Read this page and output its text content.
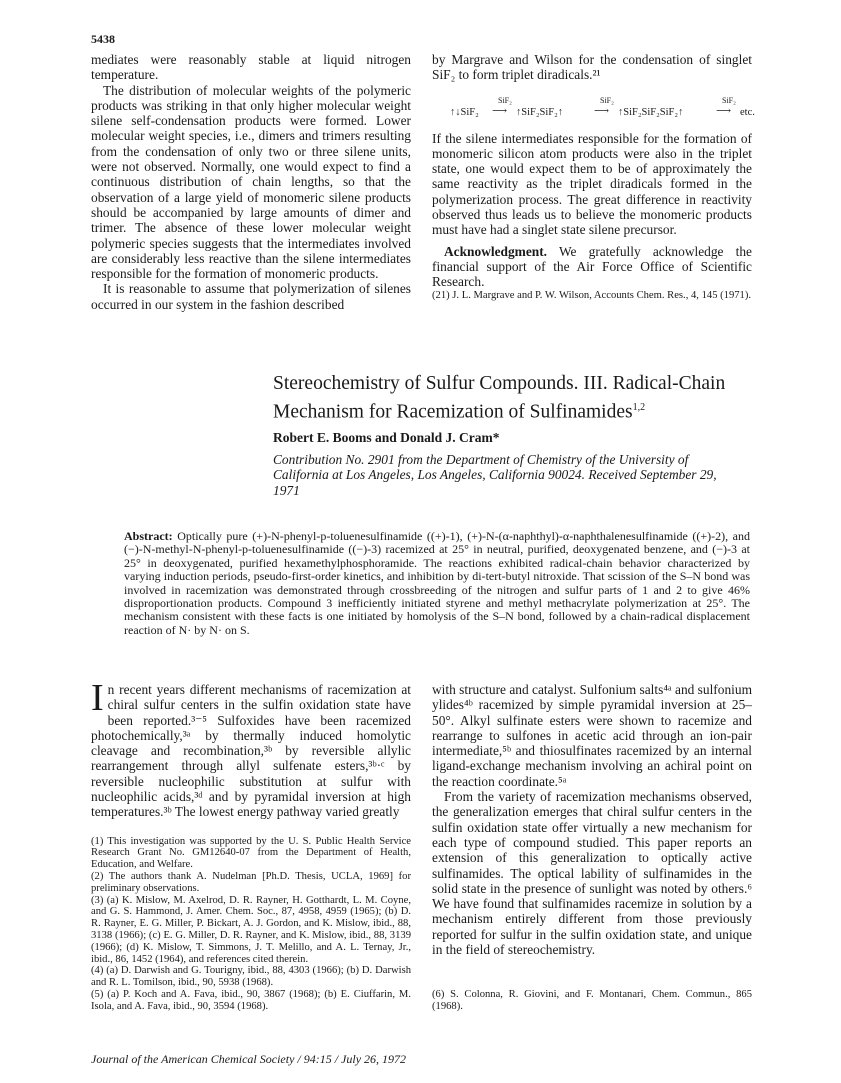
5438

mediates were reasonably stable at liquid nitrogen temperature.

The distribution of molecular weights of the polymeric products was striking in that only higher molecular weight silene self-condensation products were formed. Lower molecular weight species, i.e., dimers and trimers resulting from the condensation of only two or three silene units, were not observed. Normally, one would expect to find a continuous distribution of chain lengths, so that the observation of a large yield of monomeric silene products should be accompanied by large amounts of dimer and trimer. The absence of these lower molecular weight polymeric species suggests that the intermediates involved are considerably less reactive than the silene intermediates responsible for the formation of monomeric products.

It is reasonable to assume that polymerization of silenes occurred in our system in the fashion described

by Margrave and Wilson for the condensation of singlet SiF₂ to form triplet diradicals.²¹

↑↓SiF₂
SiF₂
⟶ ↑SiF₂SiF₂↑
SiF₂
⟶ ↑SiF₂SiF₂SiF₂↑
SiF₂
⟶ etc.

If the silene intermediates responsible for the formation of monomeric silicon atom products were also in the triplet state, one would expect them to be of approximately the same reactivity as the triplet diradicals formed in the polymerization process. The great difference in reactivity observed thus leads us to believe the monomeric products must have had a singlet state silene precursor.

Acknowledgment. We gratefully acknowledge the financial support of the Air Force Office of Scientific Research.

(21) J. L. Margrave and P. W. Wilson, Accounts Chem. Res., 4, 145 (1971).

Stereochemistry of Sulfur Compounds. III. Radical-Chain Mechanism for Racemization of Sulfinamides$^{1,2}$
Robert E. Booms and Donald J. Cram*
Contribution No. 2901 from the Department of Chemistry of the University of California at Los Angeles, Los Angeles, California 90024. Received September 29, 1971
Abstract: Optically pure (+)-N-phenyl-p-toluenesulfinamide ((+)-1), (+)-N-(α-naphthyl)-α-naphthalenesulfinamide ((+)-2), and (−)-N-methyl-N-phenyl-p-toluenesulfinamide ((−)-3) racemized at 25° in neutral, purified, deoxygenated benzene, and (−)-3 at 25° in deoxygenated, purified hexamethylphosphoramide. The reactions exhibited radical-chain behavior characterized by varying induction periods, pseudo-first-order kinetics, and inhibition by di-tert-butyl nitroxide. That scission of the S–N bond was involved in racemization was demonstrated through crossbreeding of the nitrogen and sulfur parts of 1 and 2 to give 46% disproportionation products. Compound 3 inefficiently initiated styrene and methyl methacrylate polymerization at 25°. The mechanism consistent with these facts is one initiated by homolysis of the S–N bond, followed by a chain-radical displacement reaction of N· by N· on S.

In recent years different mechanisms of racemization at chiral sulfur centers in the sulfin oxidation state have been reported.³⁻⁵ Sulfoxides have been racemized photochemically,³ᵃ by thermally induced homolytic cleavage and recombination,³ᵇ by reversible allylic rearrangement through allyl sulfenate esters,³ᵇ·ᶜ by reversible nucleophilic substitution at sulfur with nucleophilic acids,³ᵈ and by pyramidal inversion at high temperatures.³ᵇ The lowest energy pathway varied greatly

(1) This investigation was supported by the U. S. Public Health Service Research Grant No. GM12640-07 from the Department of Health, Education, and Welfare.

(2) The authors thank A. Nudelman [Ph.D. Thesis, UCLA, 1969] for preliminary observations.

(3) (a) K. Mislow, M. Axelrod, D. R. Rayner, H. Gotthardt, L. M. Coyne, and G. S. Hammond, J. Amer. Chem. Soc., 87, 4958, 4959 (1965); (b) D. R. Rayner, E. G. Miller, P. Bickart, A. J. Gordon, and K. Mislow, ibid., 88, 3138 (1966); (c) E. G. Miller, D. R. Rayner, and K. Mislow, ibid., 88, 3139 (1966); (d) K. Mislow, T. Simmons, J. T. Melillo, and A. L. Ternay, Jr., ibid., 86, 1452 (1964), and references cited therein.

(4) (a) D. Darwish and G. Tourigny, ibid., 88, 4303 (1966); (b) D. Darwish and R. L. Tomilson, ibid., 90, 5938 (1968).

(5) (a) P. Koch and A. Fava, ibid., 90, 3867 (1968); (b) E. Ciuffarin, M. Isola, and A. Fava, ibid., 90, 3594 (1968).

with structure and catalyst. Sulfonium salts⁴ᵃ and sulfonium ylides⁴ᵇ racemized by simple pyramidal inversion at 25–50°. Alkyl sulfinate esters were shown to racemize and rearrange to sulfones in acetic acid through an ion-pair intermediate,⁵ᵇ and thiosulfinates racemized by an internal ligand-exchange mechanism involving an achiral point on the reaction coordinate.⁵ᵃ

From the variety of racemization mechanisms observed, the generalization emerges that chiral sulfur centers in the sulfin oxidation state offer virtually a new mechanism for each type of compound studied. This paper reports an extension of this generalization to optically active sulfinamides. The optical lability of sulfinamides in the solid state in the presence of sunlight was noted by others.⁶ We have found that sulfinamides racemize in solution by a mechanism entirely different from those previously reported for sulfur in the sulfin oxidation state, and unique in the field of stereochemistry.

(6) S. Colonna, R. Giovini, and F. Montanari, Chem. Commun., 865 (1968).

Journal of the American Chemical Society / 94:15 / July 26, 1972
